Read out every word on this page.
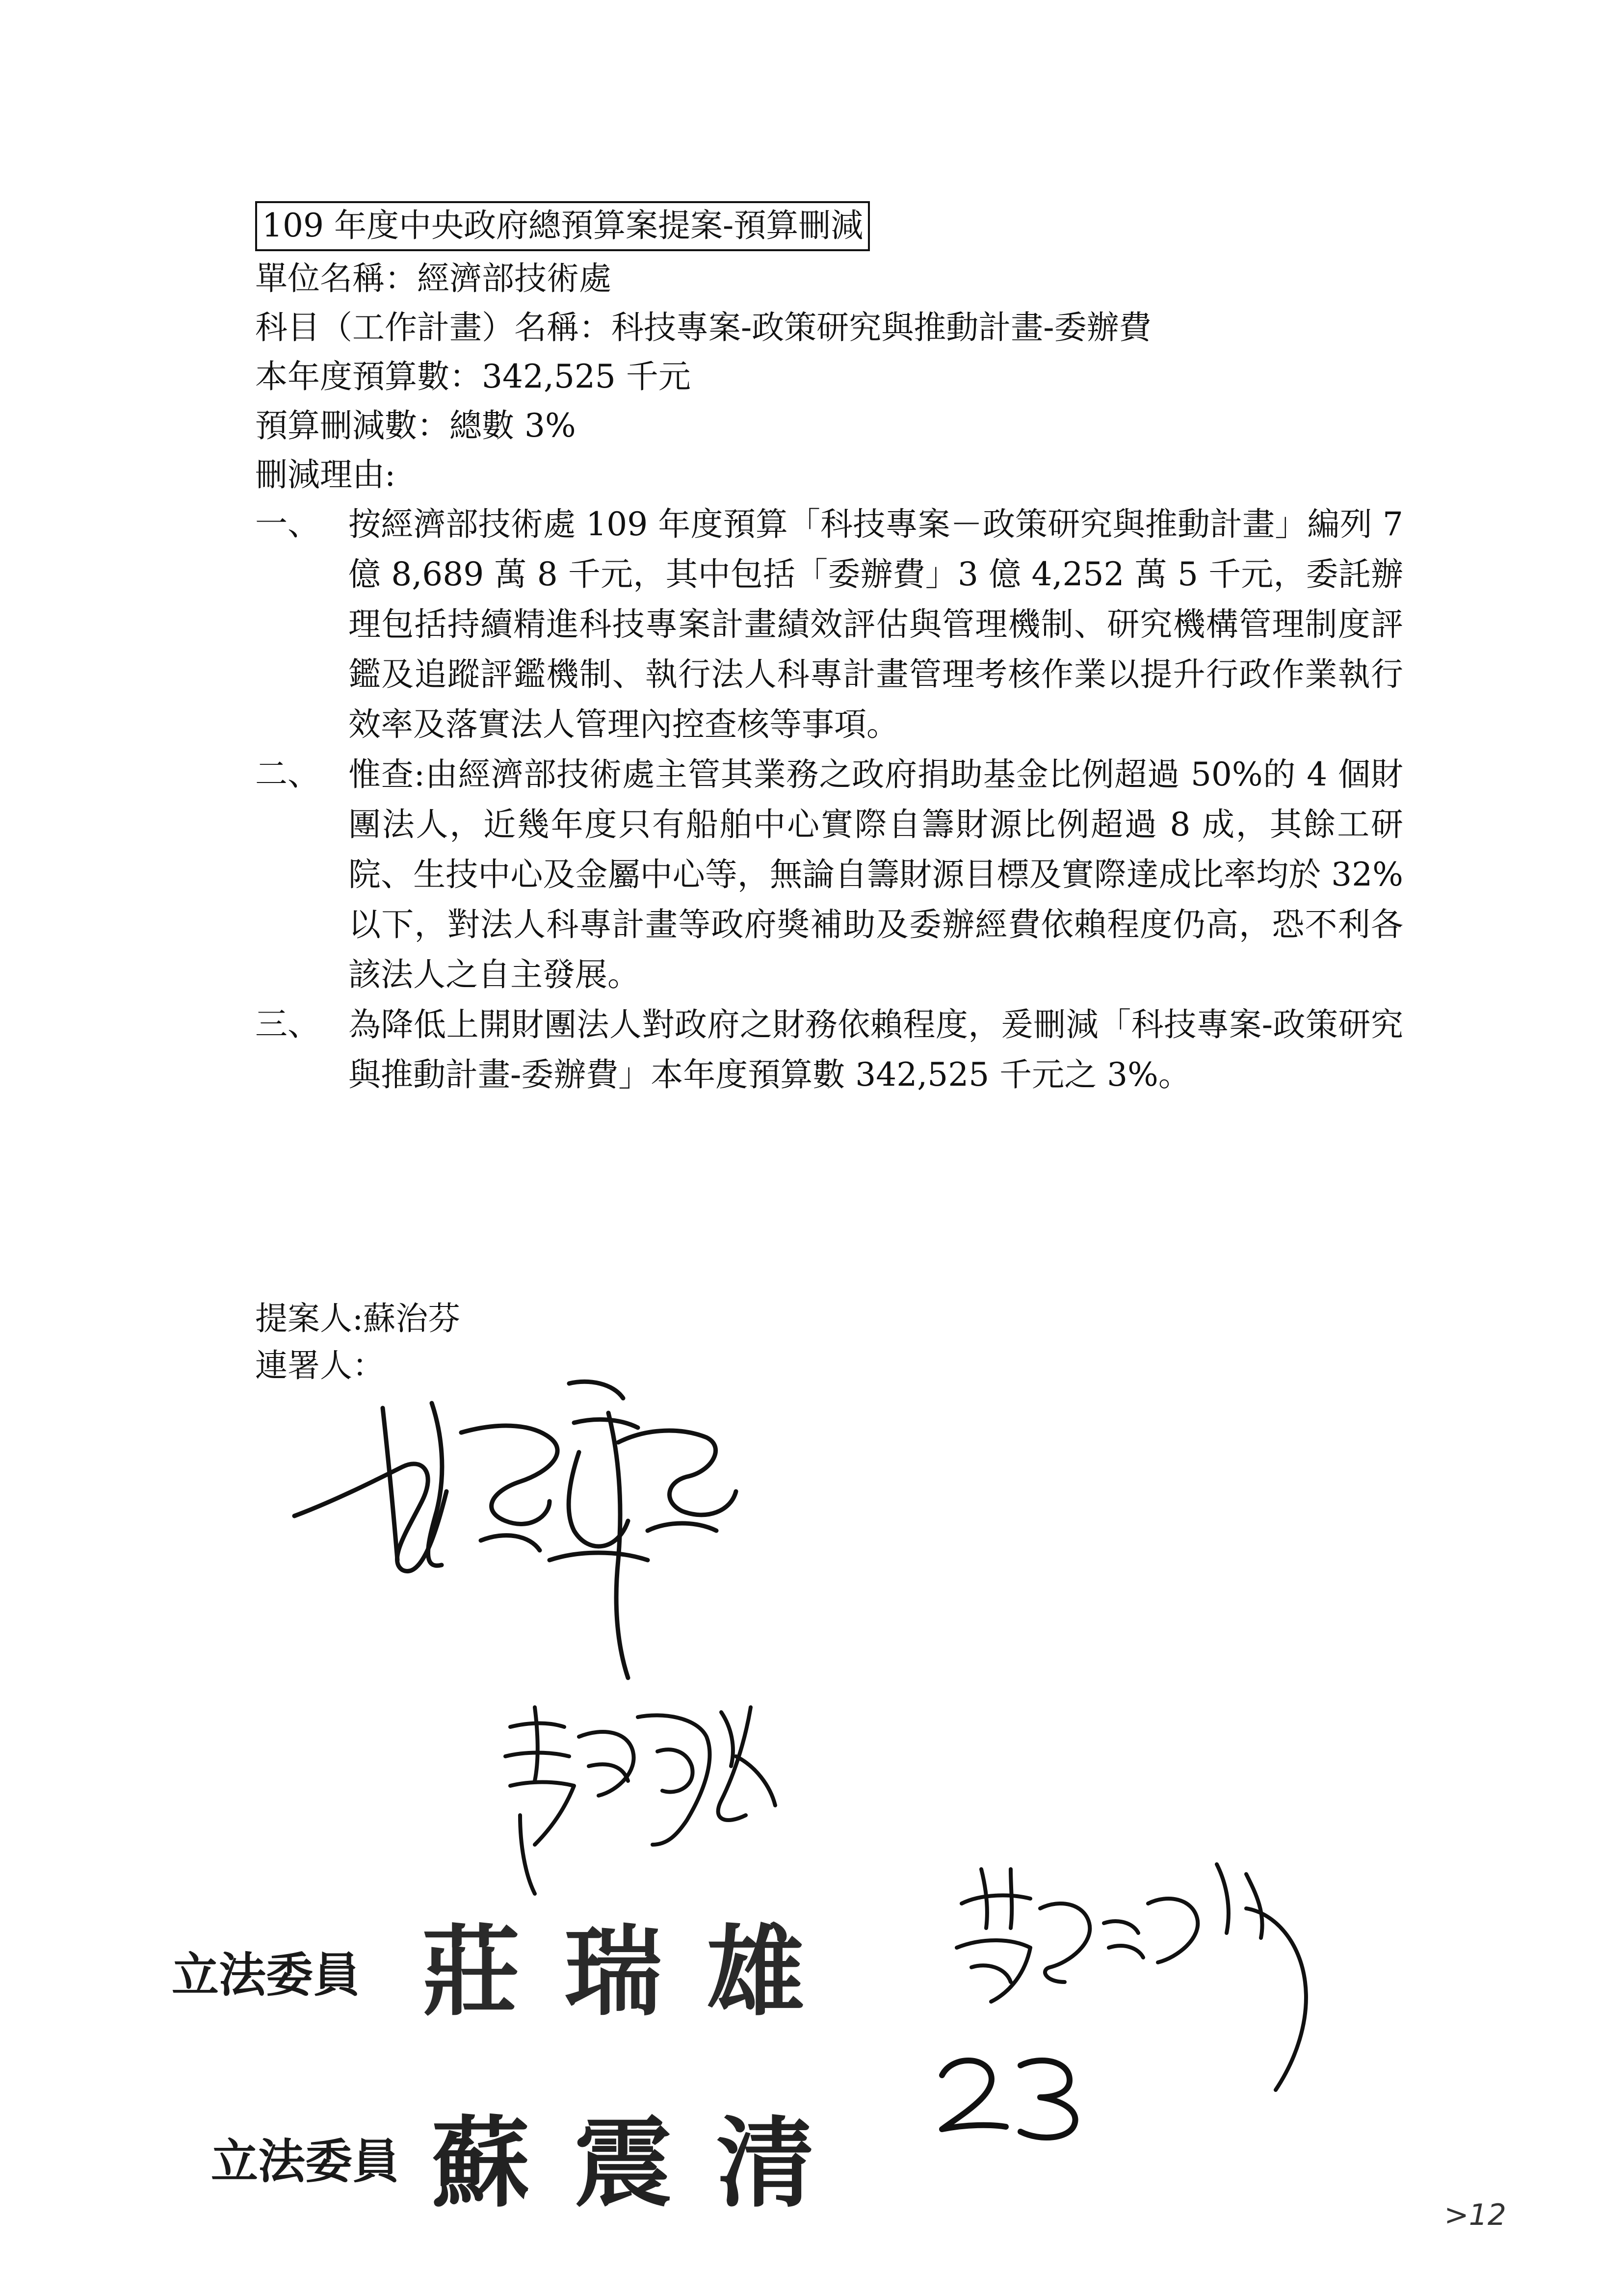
109 年度中央政府總預算案提案-預算刪減
單位名稱：經濟部技術處
科目（工作計畫）名稱：科技專案-政策研究與推動計畫-委辦費
本年度預算數：342,525 千元
預算刪減數：總數 3%
刪減理由:
一、 按經濟部技術處 109 年度預算「科技專案－政策研究與推動計畫」編列 7 億 8,689 萬 8 千元，其中包括「委辦費」3 億 4,252 萬 5 千元，委託辦理包括持續精進科技專案計畫績效評估與管理機制、研究機構管理制度評鑑及追蹤評鑑機制、執行法人科專計畫管理考核作業以提升行政作業執行效率及落實法人管理內控查核等事項。
二、 惟查:由經濟部技術處主管其業務之政府捐助基金比例超過 50%的 4 個財團法人，近幾年度只有船舶中心實際自籌財源比例超過 8 成，其餘工研院、生技中心及金屬中心等，無論自籌財源目標及實際達成比率均於 32%以下，對法人科專計畫等政府獎補助及委辦經費依賴程度仍高，恐不利各該法人之自主發展。
三、 為降低上開財團法人對政府之財務依賴程度，爰刪減「科技專案-政策研究與推動計畫-委辦費」本年度預算數 342,525 千元之 3%。
提案人:蘇治芬
連署人：
立法委員 莊瑞雄
立法委員 蘇震清	>12
